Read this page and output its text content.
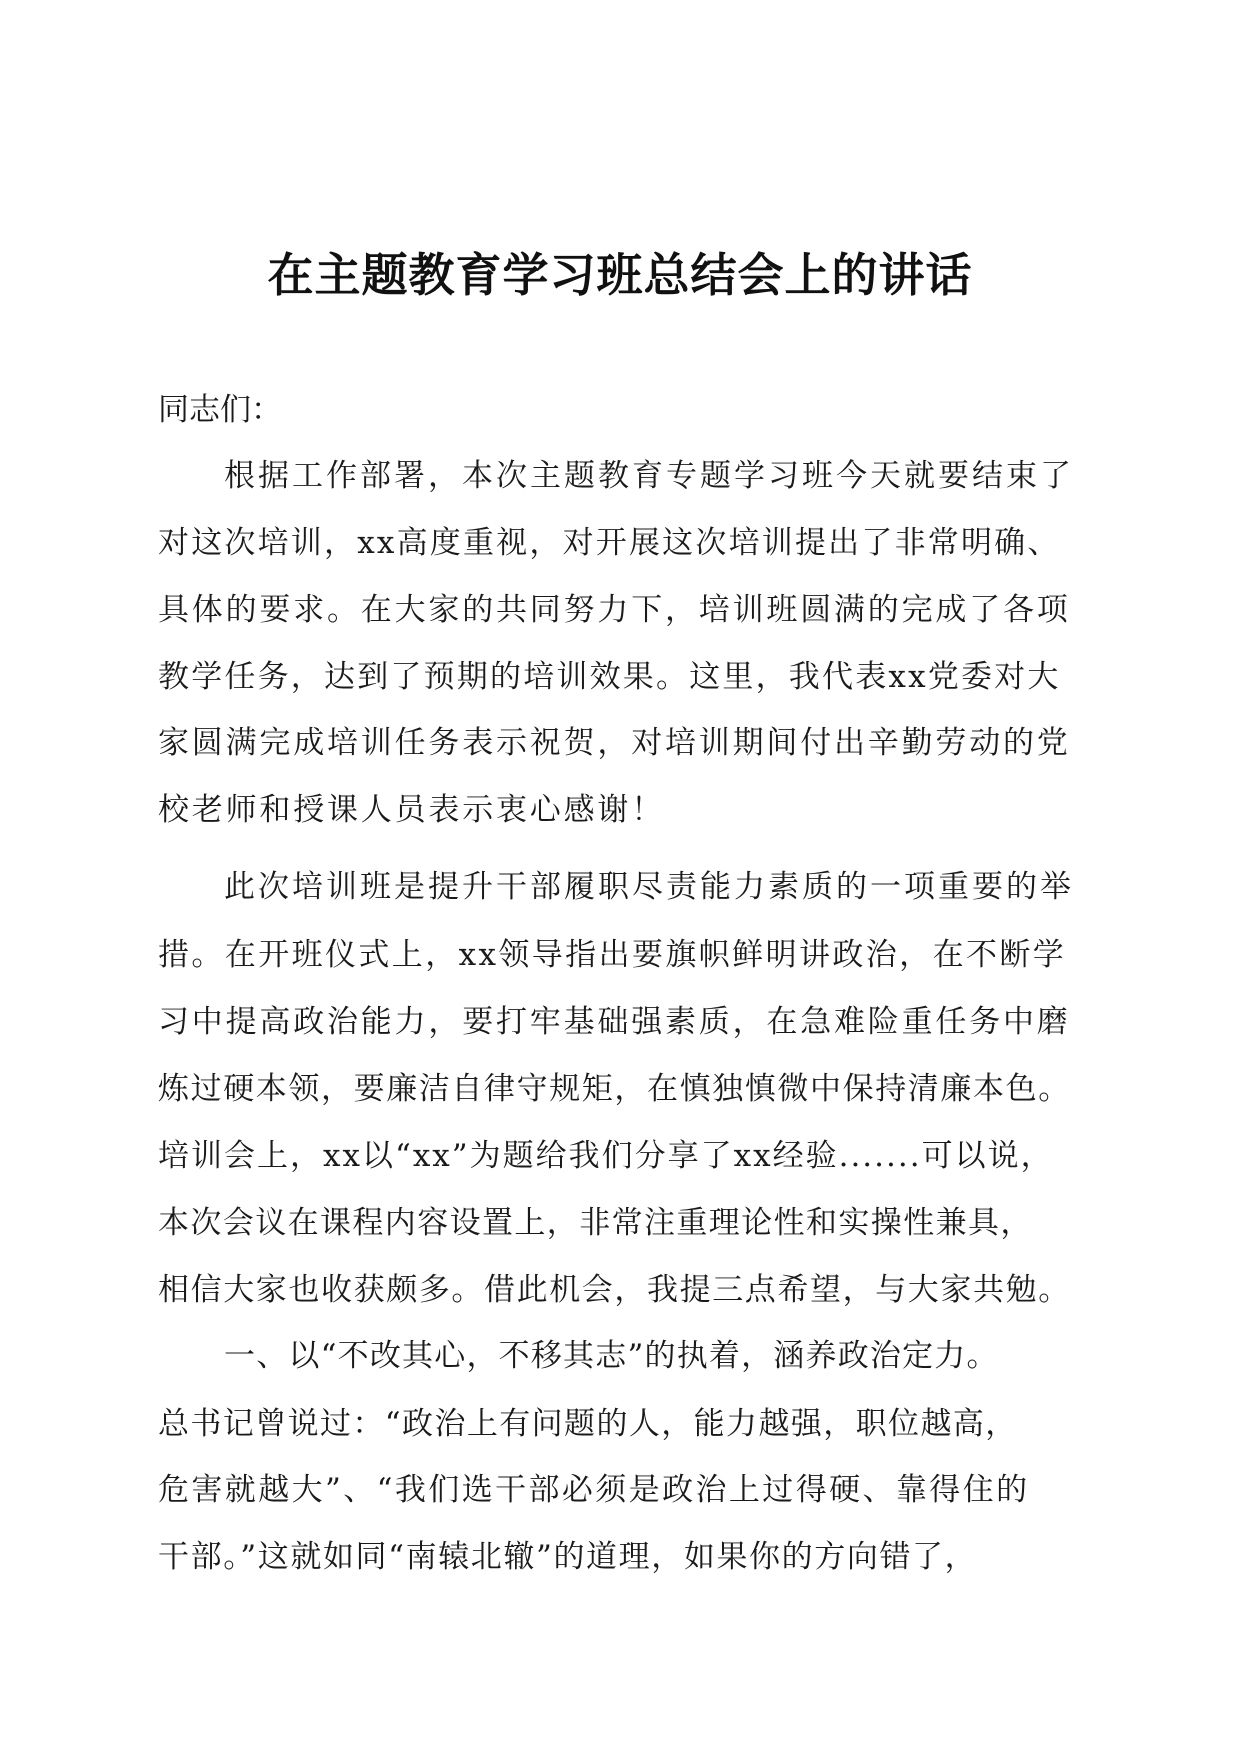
在主题教育学习班总结会上的讲话
同志们：
根据工作部署，本次主题教育专题学习班今天就要结束了
对这次培训，xx高度重视，对开展这次培训提出了非常明确、
具体的要求。在大家的共同努力下，培训班圆满的完成了各项
教学任务，达到了预期的培训效果。这里，我代表xx党委对大
家圆满完成培训任务表示祝贺，对培训期间付出辛勤劳动的党
校老师和授课人员表示衷心感谢！
此次培训班是提升干部履职尽责能力素质的一项重要的举
措。在开班仪式上，xx领导指出要旗帜鲜明讲政治，在不断学
习中提高政治能力，要打牢基础强素质，在急难险重任务中磨
炼过硬本领，要廉洁自律守规矩，在慎独慎微中保持清廉本色。
培训会上，xx以“xx”为题给我们分享了xx经验.......可以说，
本次会议在课程内容设置上，非常注重理论性和实操性兼具，
相信大家也收获颇多。借此机会，我提三点希望，与大家共勉。
一、以“不改其心，不移其志”的执着，涵养政治定力。
总书记曾说过：“政治上有问题的人，能力越强，职位越高，
危害就越大”、“我们选干部必须是政治上过得硬、靠得住的
干部。”这就如同“南辕北辙”的道理，如果你的方向错了，
